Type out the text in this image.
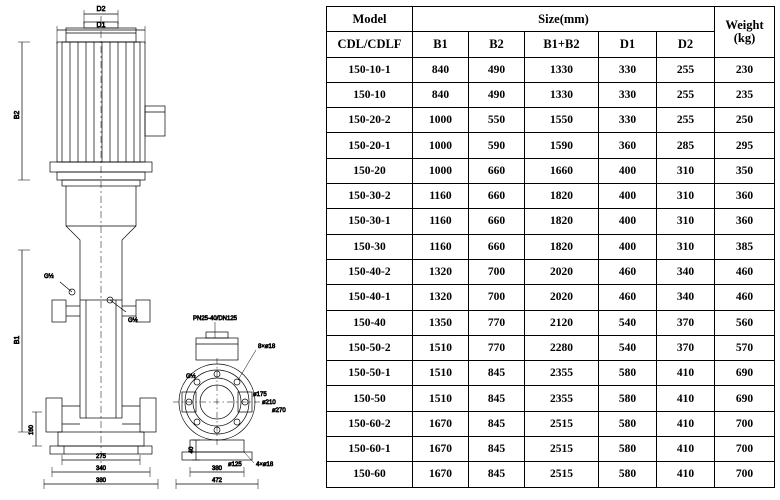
D2
D1
B2
B1
160
275
340
380
G½
G½	PN25-40/DN125
8×ø18
4×ø18
ø175
ø210
ø270
ø125
G½
40
380
472
Model	Size(mm)					Weight
(kg)

CDL/CDLF	B1	B2	B1+B2	D1	D2	
150-10-1	840	490	1330	330	255	230
150-10	840	490	1330	330	255	235
150-20-2	1000	550	1550	330	255	250
150-20-1	1000	590	1590	360	285	295
150-20	1000	660	1660	400	310	350
150-30-2	1160	660	1820	400	310	360
150-30-1	1160	660	1820	400	310	360
150-30	1160	660	1820	400	310	385
150-40-2	1320	700	2020	460	340	460
150-40-1	1320	700	2020	460	340	460
150-40	1350	770	2120	540	370	560
150-50-2	1510	770	2280	540	370	570
150-50-1	1510	845	2355	580	410	690
150-50	1510	845	2355	580	410	690
150-60-2	1670	845	2515	580	410	700
150-60-1	1670	845	2515	580	410	700
150-60	1670	845	2515	580	410	700
